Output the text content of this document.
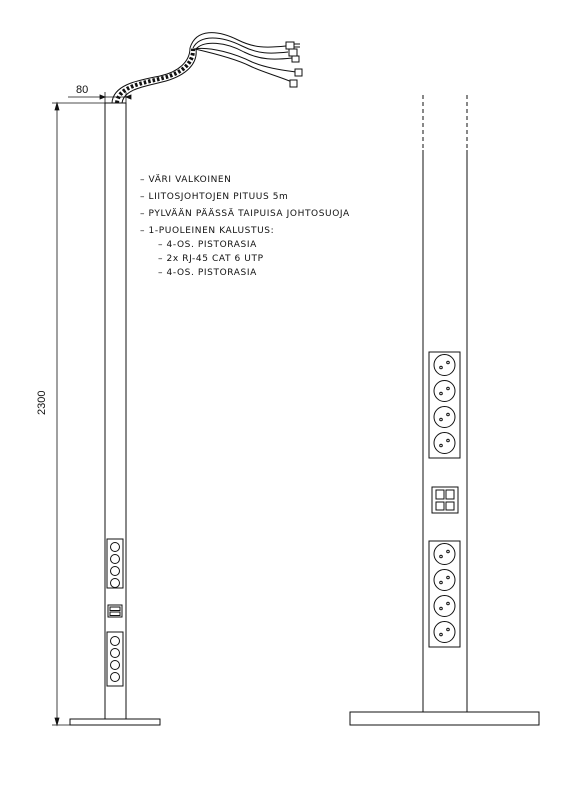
80
2300
– VÄRI VALKOINEN
– LIITOSJOHTOJEN PITUUS 5m
– PYLVÄÄN PÄÄSSÄ TAIPUISA JOHTOSUOJA
– 1-PUOLEINEN KALUSTUS:
– 4-OS. PISTORASIA
– 2x RJ-45 CAT 6 UTP
– 4-OS. PISTORASIA
